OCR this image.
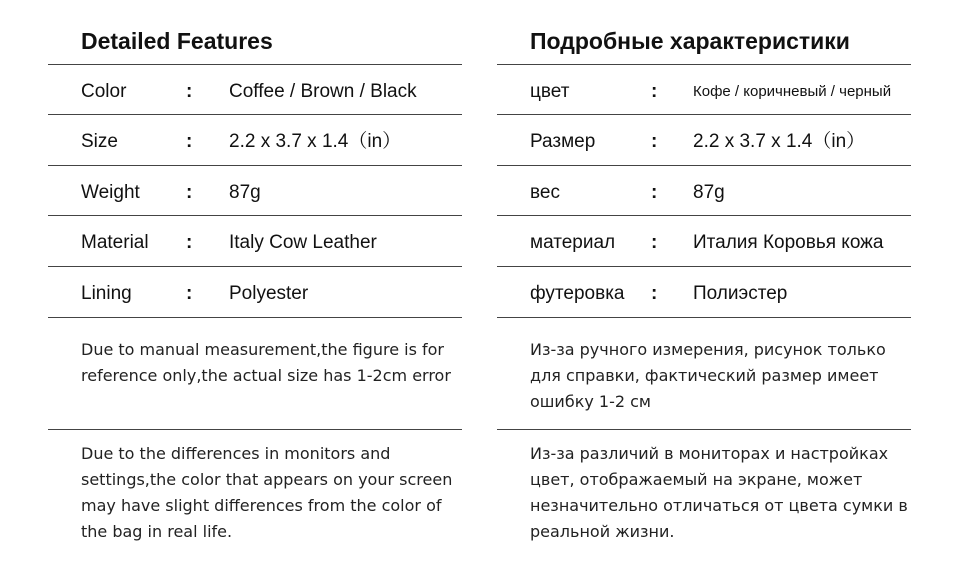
Detailed Features
Color	: Coffee / Brown / Black
Size	: 2.2 x 3.7 x 1.4（in）
Weight : 87g
Material : Italy Cow Leather
Lining	: Polyester
Due to manual measurement,the figure is for reference only,the actual size has 1-2cm error
Due to the differences in monitors and settings,the color that appears on your screen may have slight differences from the color of the bag in real life.
Подробные характеристики
цвет	: Кофе / коричневый / черный
Размер	: 2.2 x 3.7 x 1.4（in）
вес	: 87g
материал : Италия Коровья кожа
футеровка : Полиэстер
Из-за ручного измерения, рисунок только для справки, фактический размер имеет ошибку 1-2 см
Из-за различий в мониторах и настройках цвет, отображаемый на экране, может незначительно отличаться от цвета сумки в реальной жизни.
